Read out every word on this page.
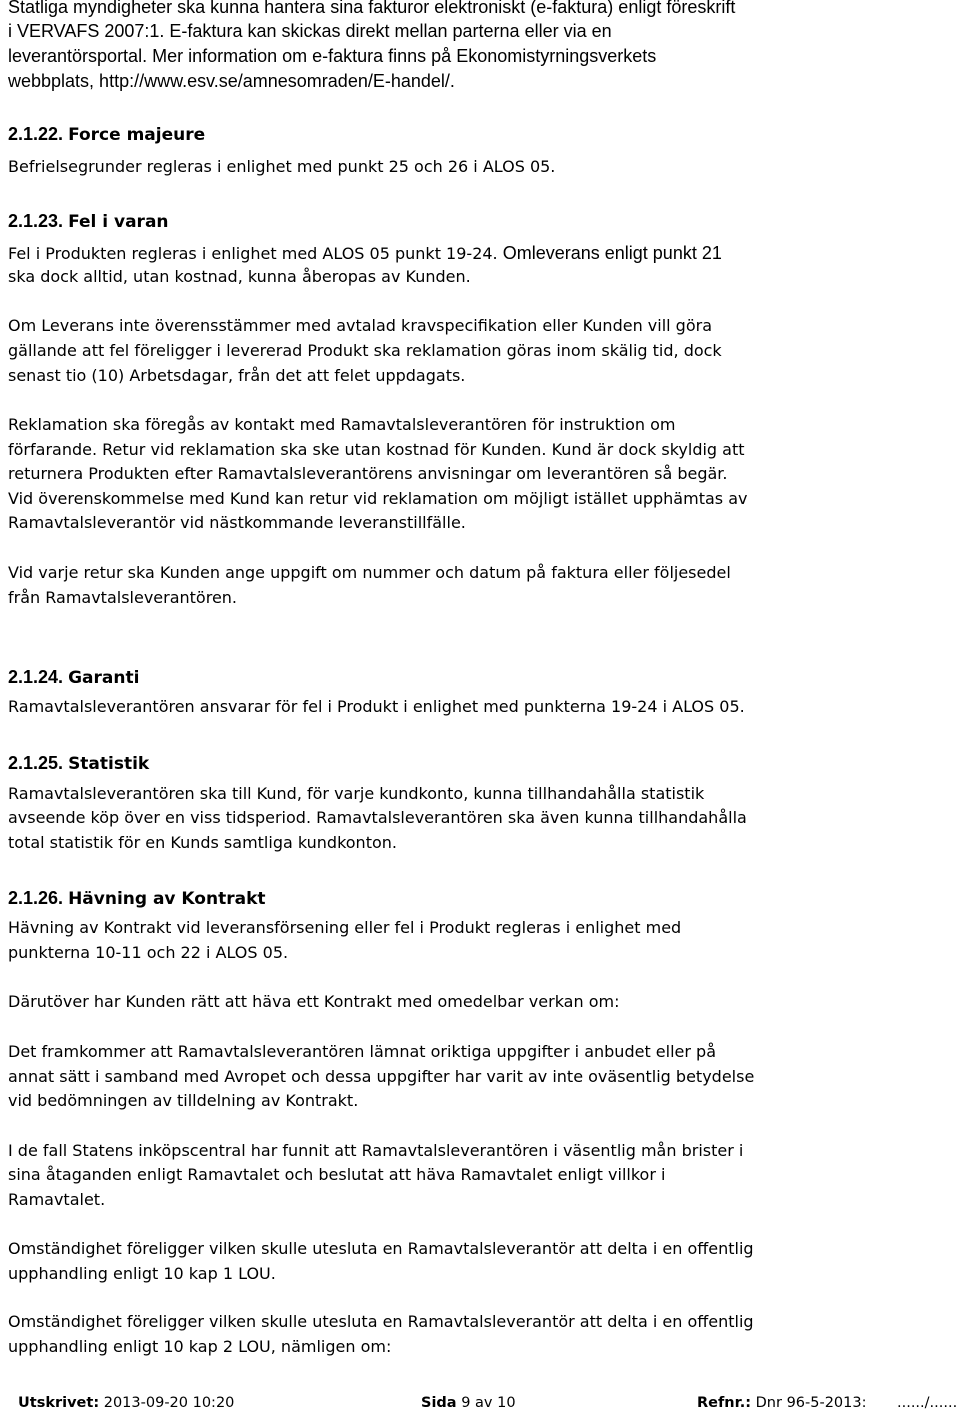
Statliga myndigheter ska kunna hantera sina fakturor elektroniskt (e-faktura) enligt föreskrift
i VERVAFS 2007:1. E-faktura kan skickas direkt mellan parterna eller via en
leverantörsportal. Mer information om e-faktura finns på Ekonomistyrningsverkets
webbplats, http://www.esv.se/amnesomraden/E-handel/.
2.1.22. Force majeure
Befrielsegrunder regleras i enlighet med punkt 25 och 26 i ALOS 05.
2.1.23. Fel i varan
Fel i Produkten regleras i enlighet med ALOS 05 punkt 19-24. Omleverans enligt punkt 21
ska dock alltid, utan kostnad, kunna åberopas av Kunden.
Om Leverans inte överensstämmer med avtalad kravspecifikation eller Kunden vill göra
gällande att fel föreligger i levererad Produkt ska reklamation göras inom skälig tid, dock
senast tio (10) Arbetsdagar, från det att felet uppdagats.
Reklamation ska föregås av kontakt med Ramavtalsleverantören för instruktion om
förfarande. Retur vid reklamation ska ske utan kostnad för Kunden. Kund är dock skyldig att
returnera Produkten efter Ramavtalsleverantörens anvisningar om leverantören så begär.
Vid överenskommelse med Kund kan retur vid reklamation om möjligt istället upphämtas av
Ramavtalsleverantör vid nästkommande leveranstillfälle.
Vid varje retur ska Kunden ange uppgift om nummer och datum på faktura eller följesedel
från Ramavtalsleverantören.
2.1.24. Garanti
Ramavtalsleverantören ansvarar för fel i Produkt i enlighet med punkterna 19-24 i ALOS 05.
2.1.25. Statistik
Ramavtalsleverantören ska till Kund, för varje kundkonto, kunna tillhandahålla statistik
avseende köp över en viss tidsperiod. Ramavtalsleverantören ska även kunna tillhandahålla
total statistik för en Kunds samtliga kundkonton.
2.1.26. Hävning av Kontrakt
Hävning av Kontrakt vid leveransförsening eller fel i Produkt regleras i enlighet med
punkterna 10-11 och 22 i ALOS 05.
Därutöver har Kunden rätt att häva ett Kontrakt med omedelbar verkan om:
Det framkommer att Ramavtalsleverantören lämnat oriktiga uppgifter i anbudet eller på
annat sätt i samband med Avropet och dessa uppgifter har varit av inte oväsentlig betydelse
vid bedömningen av tilldelning av Kontrakt.
I de fall Statens inköpscentral har funnit att Ramavtalsleverantören i väsentlig mån brister i
sina åtaganden enligt Ramavtalet och beslutat att häva Ramavtalet enligt villkor i
Ramavtalet.
Omständighet föreligger vilken skulle utesluta en Ramavtalsleverantör att delta i en offentlig
upphandling enligt 10 kap 1 LOU.
Omständighet föreligger vilken skulle utesluta en Ramavtalsleverantör att delta i en offentlig
upphandling enligt 10 kap 2 LOU, nämligen om:
Utskrivet: 2013-09-20 10:20	Sida 9 av 10	Refnr.: Dnr 96-5-2013: ....../......
